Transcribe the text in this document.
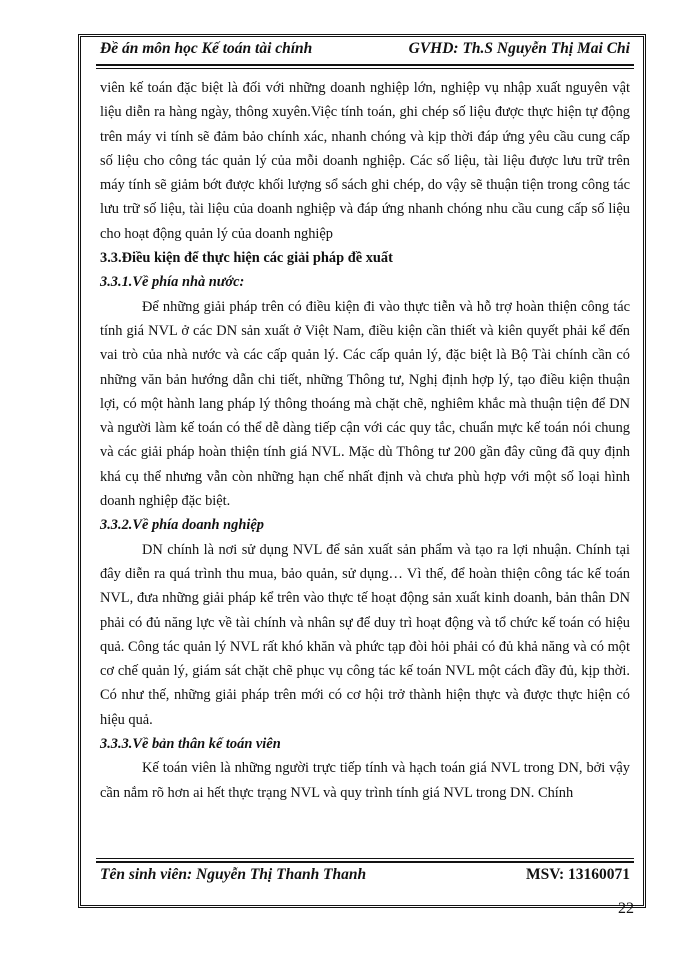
Đề án môn học Kế toán tài chính	GVHD: Th.S Nguyễn Thị Mai Chi

viên kế toán đặc biệt là đối với những doanh nghiệp lớn, nghiệp vụ nhập xuất nguyên vật liệu diễn ra hàng ngày, thông xuyên.Việc tính toán, ghi chép số liệu được thực hiện tự động trên máy vi tính sẽ đảm bảo chính xác, nhanh chóng và kịp thời đáp ứng yêu cầu cung cấp số liệu cho công tác quản lý của mỗi doanh nghiệp. Các số liệu, tài liệu được lưu trữ trên máy tính sẽ giảm bớt được khối lượng sổ sách ghi chép, do vậy sẽ thuận tiện trong công tác lưu trữ số liệu, tài liệu của doanh nghiệp và đáp ứng nhanh chóng nhu cầu cung cấp số liệu cho hoạt động quản lý của doanh nghiệp

3.3.Điều kiện để thực hiện các giải pháp đề xuất
3.3.1.Về phía nhà nước:

Để những giải pháp trên có điều kiện đi vào thực tiễn và hỗ trợ hoàn thiện công tác tính giá NVL ở các DN sản xuất ở Việt Nam, điều kiện cần thiết và kiên quyết phải kể đến vai trò của nhà nước và các cấp quản lý. Các cấp quản lý, đặc biệt là Bộ Tài chính cần có những văn bản hướng dẫn chi tiết, những Thông tư, Nghị định hợp lý, tạo điều kiện thuận lợi, có một hành lang pháp lý thông thoáng mà chặt chẽ, nghiêm khắc mà thuận tiện để DN và người làm kế toán có thể dễ dàng tiếp cận với các quy tắc, chuẩn mực kế toán nói chung và các giải pháp hoàn thiện tính giá NVL. Mặc dù Thông tư 200 gần đây cũng đã quy định khá cụ thể nhưng vẫn còn những hạn chế nhất định và chưa phù hợp với một số loại hình doanh nghiệp đặc biệt.

3.3.2.Về phía doanh nghiệp

DN chính là nơi sử dụng NVL để sản xuất sản phẩm và tạo ra lợi nhuận. Chính tại đây diễn ra quá trình thu mua, bảo quản, sử dụng… Vì thế, để hoàn thiện công tác kế toán NVL, đưa những giải pháp kể trên vào thực tế hoạt động sản xuất kinh doanh, bản thân DN phải có đủ năng lực về tài chính và nhân sự để duy trì hoạt động và tổ chức kế toán có hiệu quả. Công tác quản lý NVL rất khó khăn và phức tạp đòi hỏi phải có đủ khả năng và có một cơ chế quản lý, giám sát chặt chẽ phục vụ công tác kế toán NVL một cách đầy đủ, kịp thời. Có như thế, những giải pháp trên mới có cơ hội trở thành hiện thực và được thực hiện có hiệu quả.

3.3.3.Về bản thân kế toán viên

Kế toán viên là những người trực tiếp tính và hạch toán giá NVL trong DN, bởi vậy cần nắm rõ hơn ai hết thực trạng NVL và quy trình tính giá NVL trong DN. Chính

Tên sinh viên: Nguyễn Thị Thanh Thanh	MSV: 13160071
22
